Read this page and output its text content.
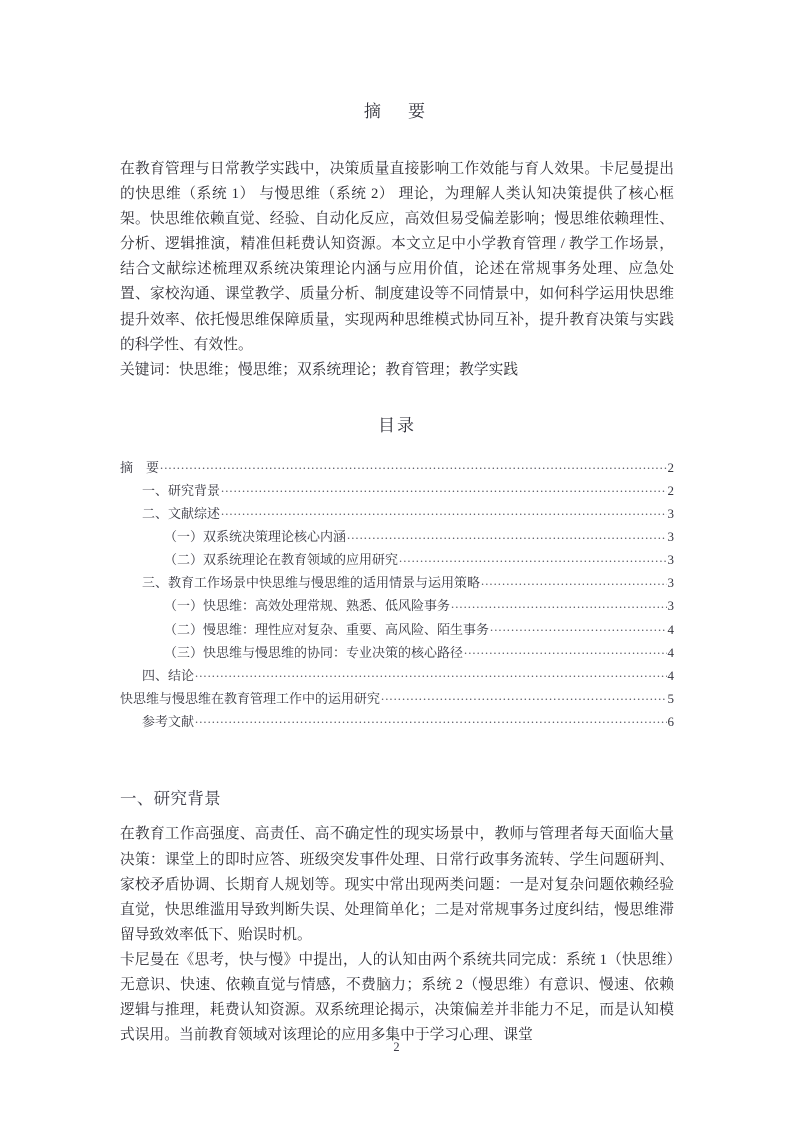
摘　要

在教育管理与日常教学实践中，决策质量直接影响工作效能与育人效果。卡尼曼提出的快思维（系统 1） 与慢思维（系统 2） 理论，为理解人类认知决策提供了核心框架。快思维依赖直觉、经验、自动化反应，高效但易受偏差影响；慢思维依赖理性、分析、逻辑推演，精准但耗费认知资源。本文立足中小学教育管理 / 教学工作场景，结合文献综述梳理双系统决策理论内涵与应用价值，论述在常规事务处理、应急处置、家校沟通、课堂教学、质量分析、制度建设等不同情景中，如何科学运用快思维提升效率、依托慢思维保障质量，实现两种思维模式协同互补，提升教育决策与实践的科学性、有效性。

关键词：快思维；慢思维；双系统理论；教育管理；教学实践

目录
摘　要 .....	2
一、研究背景 .....	2
二、文献综述 .....	3
（一）双系统决策理论核心内涵 .....	3
（二）双系统理论在教育领域的应用研究 .....	3
三、教育工作场景中快思维与慢思维的适用情景与运用策略 .....	3
（一）快思维：高效处理常规、熟悉、低风险事务 .....	3
（二）慢思维：理性应对复杂、重要、高风险、陌生事务 .....	4
（三）快思维与慢思维的协同：专业决策的核心路径 .....	4
四、结论 .....	4
快思维与慢思维在教育管理工作中的运用研究 .....	5
参考文献 .....	6
一、研究背景

在教育工作高强度、高责任、高不确定性的现实场景中，教师与管理者每天面临大量决策：课堂上的即时应答、班级突发事件处理、日常行政事务流转、学生问题研判、家校矛盾协调、长期育人规划等。现实中常出现两类问题：一是对复杂问题依赖经验直觉，快思维滥用导致判断失误、处理简单化；二是对常规事务过度纠结，慢思维滞留导致效率低下、贻误时机。

卡尼曼在《思考，快与慢》中提出，人的认知由两个系统共同完成：系统 1（快思维）无意识、快速、依赖直觉与情感，不费脑力；系统 2（慢思维）有意识、慢速、依赖逻辑与推理，耗费认知资源。双系统理论揭示，决策偏差并非能力不足，而是认知模式误用。当前教育领域对该理论的应用多集中于学习心理、课堂

2
